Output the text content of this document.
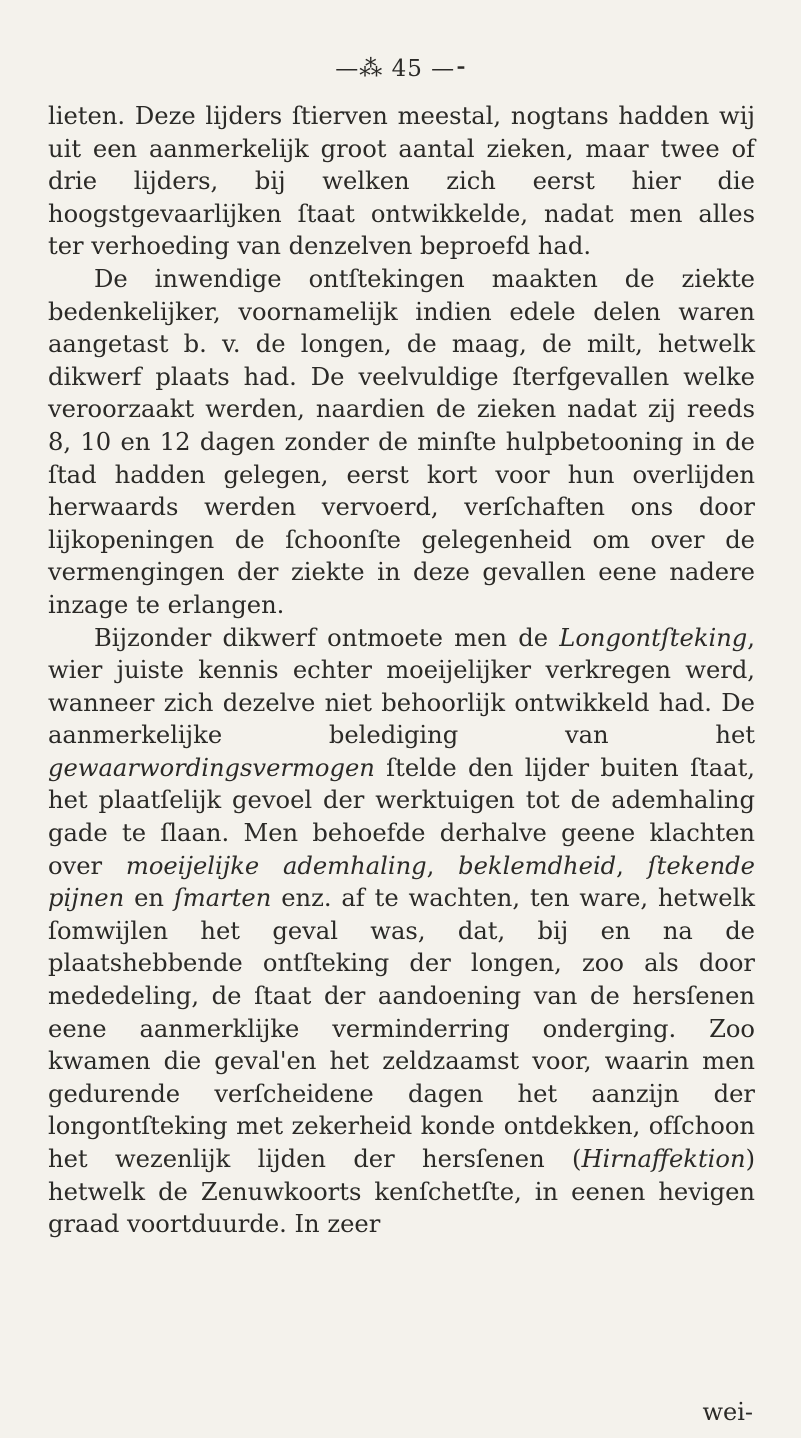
—⁂ 45 —⁃

lieten. Deze lijders ſtierven meestal, nogtans hadden wij uit een aanmerkelijk groot aantal zieken, maar twee of drie lijders, bij welken zich eerst hier die hoogstgevaarlijken ſtaat ontwikkelde, nadat men alles ter verhoeding van denzelven beproefd had.

De inwendige ontſtekingen maakten de ziekte bedenkelijker, voornamelijk indien edele delen waren aangetast b. v. de longen, de maag, de milt, hetwelk dikwerf plaats had. De veelvuldige ſterfgevallen welke veroorzaakt werden, naardien de zieken nadat zij reeds 8, 10 en 12 dagen zonder de minſte hulpbetooning in de ſtad hadden gelegen, eerst kort voor hun overlijden herwaards werden vervoerd, verſchaften ons door lijkopeningen de ſchoonſte gelegenheid om over de vermengingen der ziekte in deze gevallen eene nadere inzage te erlangen.

Bijzonder dikwerf ontmoete men de Longontſteking, wier juiste kennis echter moeijelijker verkregen werd, wanneer zich dezelve niet behoorlijk ontwikkeld had. De aanmerkelijke belediging van het gewaarwordingsvermogen ſtelde den lijder buiten ſtaat, het plaatſelijk gevoel der werktuigen tot de ademhaling gade te ſlaan. Men behoefde derhalve geene klachten over moeijelijke ademhaling, beklemdheid, ſtekende pijnen en ſmarten enz. af te wachten, ten ware, hetwelk ſomwijlen het geval was, dat, bij en na de plaatshebbende ontſteking der longen, zoo als door mededeling, de ſtaat der aandoening van de hersſenen eene aanmerklijke verminderring onderging. Zoo kwamen die geval'en het zeldzaamst voor, waarin men gedurende verſcheidene dagen het aanzijn der longontſteking met zekerheid konde ontdekken, ofſchoon het wezenlijk lijden der hersſenen (Hirnaffektion) hetwelk de Zenuwkoorts kenſchetſte, in eenen hevigen graad voortduurde. In zeer

wei-
